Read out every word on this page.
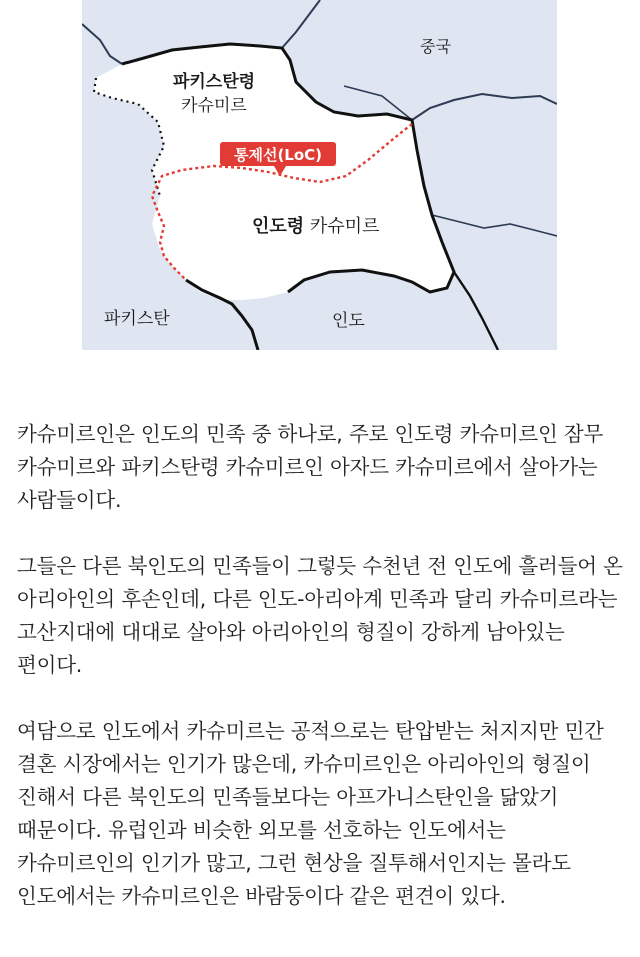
통제선(LoC)
중국
파키스탄령
카슈미르
인도령 카슈미르
파키스탄	인도

카슈미르인은 인도의 민족 중 하나로, 주로 인도령 카슈미르인 잠무 카슈미르와 파키스탄령 카슈미르인 아자드 카슈미르에서 살아가는 사람들이다.

그들은 다른 북인도의 민족들이 그렇듯 수천년 전 인도에 흘러들어 온 아리아인의 후손인데, 다른 인도-아리아계 민족과 달리 카슈미르라는 고산지대에 대대로 살아와 아리아인의 형질이 강하게 남아있는 편이다.

여담으로 인도에서 카슈미르는 공적으로는 탄압받는 처지지만 민간 결혼 시장에서는 인기가 많은데, 카슈미르인은 아리아인의 형질이 진해서 다른 북인도의 민족들보다는 아프가니스탄인을 닮았기 때문이다. 유럽인과 비슷한 외모를 선호하는 인도에서는 카슈미르인의 인기가 많고, 그런 현상을 질투해서인지는 몰라도 인도에서는 카슈미르인은 바람둥이다 같은 편견이 있다.
